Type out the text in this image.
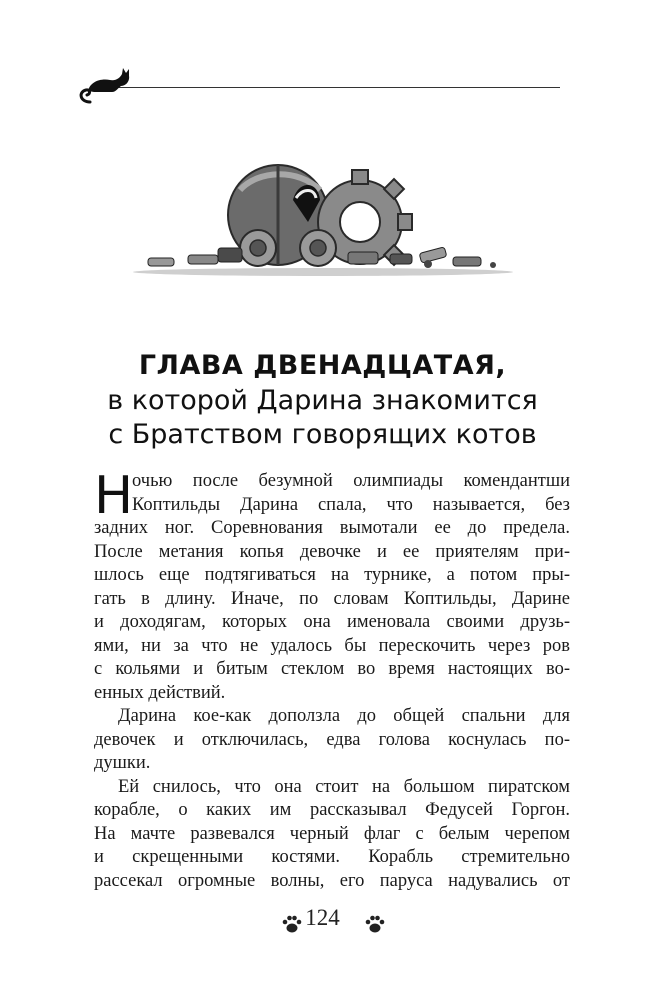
ГЛАВА ДВЕНАДЦАТАЯ,
в которой Дарина знакомится
с Братством говорящих котов
Н
очью после безумной олимпиады комендантши
Коптильды Дарина спала, что называется, без
задних ног. Соревнования вымотали ее до предела.
После метания копья девочке и ее приятелям при-
шлось еще подтягиваться на турнике, а потом пры-
гать в длину. Иначе, по словам Коптильды, Дарине
и доходягам, которых она именовала своими друзь-
ями, ни за что не удалось бы перескочить через ров
с кольями и битым стеклом во время настоящих во-
енных действий.
Дарина кое-как доползла до общей спальни для
девочек и отключилась, едва голова коснулась по-
душки.
Ей снилось, что она стоит на большом пиратском
корабле, о каких им рассказывал Федусей Горгон.
На мачте развевался черный флаг с белым черепом
и скрещенными костями. Корабль стремительно
рассекал огромные волны, его паруса надувались от
124
